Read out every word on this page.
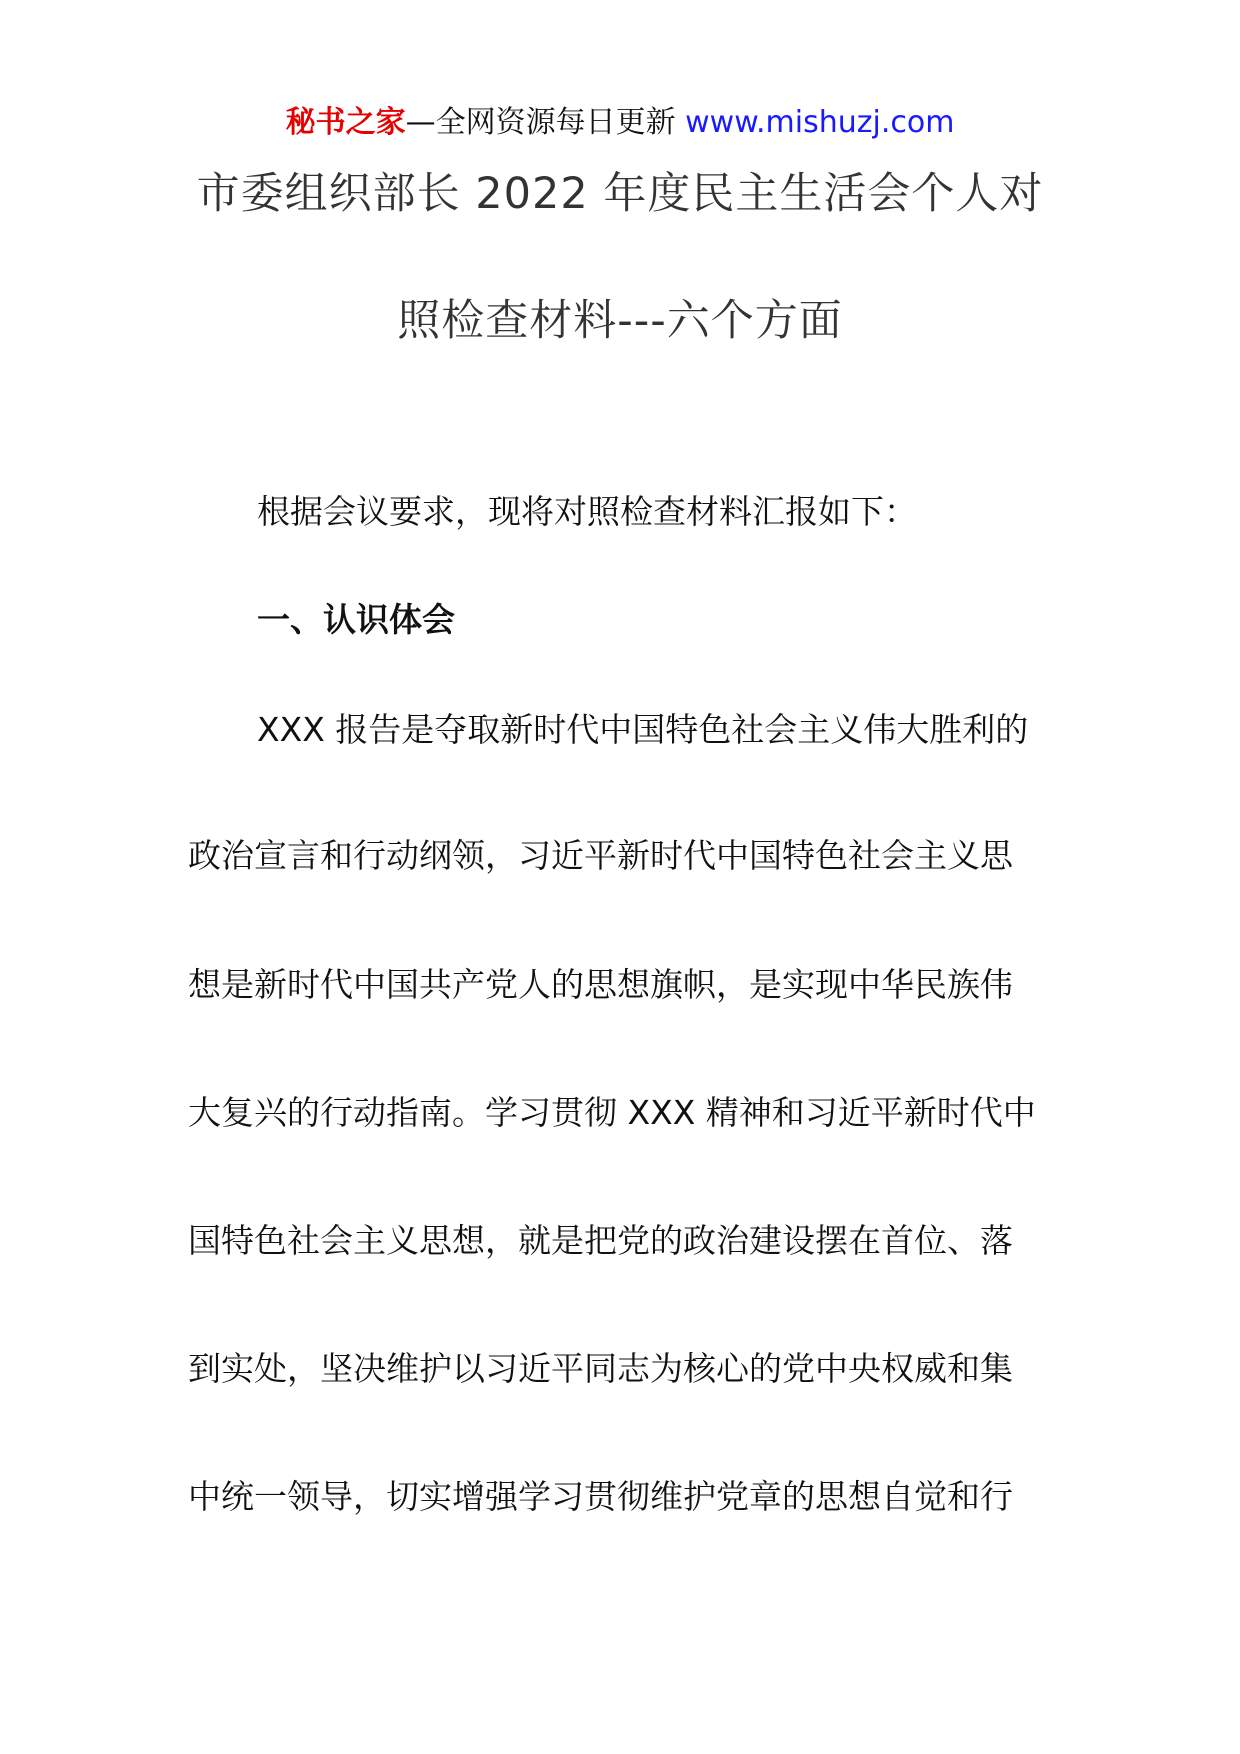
秘书之家—全网资源每日更新 www.mishuzj.com
市委组织部长 2022 年度民主生活会个人对
照检查材料---六个方面
根据会议要求，现将对照检查材料汇报如下：
一、认识体会
XXX 报告是夺取新时代中国特色社会主义伟大胜利的
政治宣言和行动纲领，习近平新时代中国特色社会主义思
想是新时代中国共产党人的思想旗帜，是实现中华民族伟
大复兴的行动指南。学习贯彻 XXX 精神和习近平新时代中
国特色社会主义思想，就是把党的政治建设摆在首位、落
到实处，坚决维护以习近平同志为核心的党中央权威和集
中统一领导，切实增强学习贯彻维护党章的思想自觉和行
